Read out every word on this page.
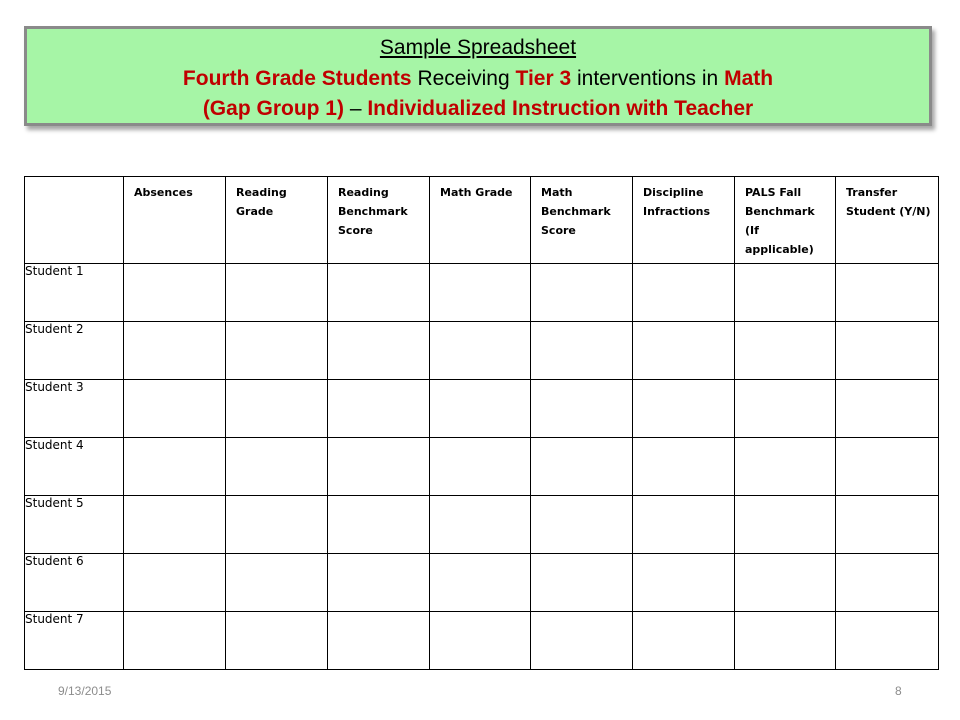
Sample Spreadsheet
Fourth Grade Students Receiving Tier 3 interventions in Math
(Gap Group 1) – Individualized Instruction with Teacher
	Absences	Reading Grade	Reading Benchmark Score	Math Grade	Math Benchmark Score	Discipline Infractions	PALS Fall Benchmark (If applicable)	Transfer Student (Y/N)
Student 1								
Student 2								
Student 3								
Student 4								
Student 5								
Student 6								
Student 7								
9/13/2015	8
